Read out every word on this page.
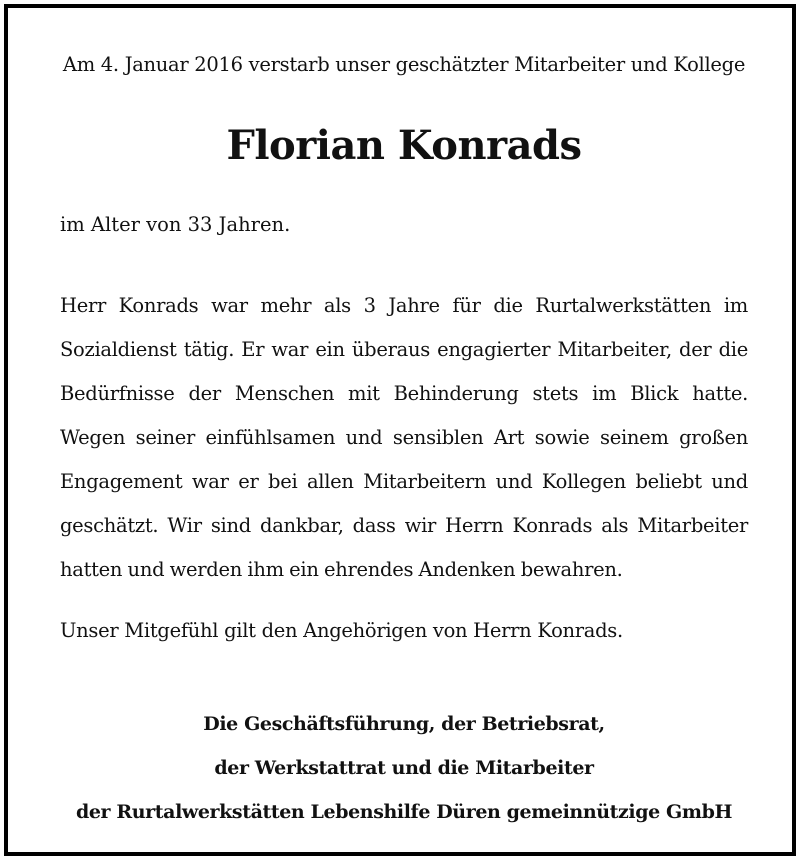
Am 4. Januar 2016 verstarb unser geschätzter Mitarbeiter und Kollege
Florian Konrads
im Alter von 33 Jahren.
Herr Konrads war mehr als 3 Jahre für die Rurtalwerkstätten im Sozialdienst tätig. Er war ein überaus engagierter Mitarbeiter, der die Bedürfnisse der Menschen mit Behinderung stets im Blick hatte. Wegen seiner einfühlsamen und sensiblen Art sowie seinem großen Engagement war er bei allen Mitarbeitern und Kollegen beliebt und geschätzt. Wir sind dankbar, dass wir Herrn Konrads als Mitarbeiter hatten und werden ihm ein ehrendes Andenken bewahren.
Unser Mitgefühl gilt den Angehörigen von Herrn Konrads.
Die Geschäftsführung, der Betriebsrat,
der Werkstattrat und die Mitarbeiter
der Rurtalwerkstätten Lebenshilfe Düren gemeinnützige GmbH
